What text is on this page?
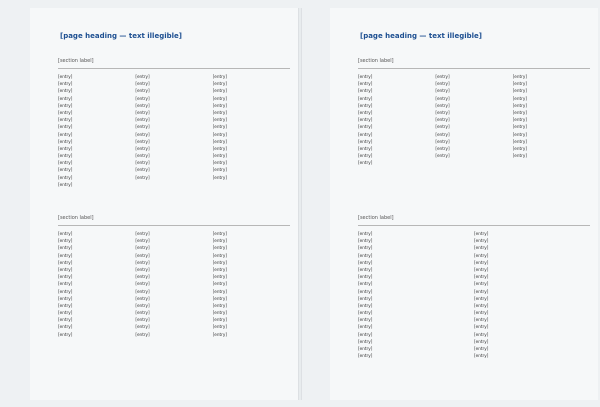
[page heading — text illegible]
[section label]
[entry]
[entry]
[entry]
[entry]
[entry]
[entry]
[entry]
[entry]
[entry]
[entry]
[entry]
[entry]
[entry]
[entry]
[entry]
[entry]
[entry]
[entry]
[entry]
[entry]
[entry]
[entry]
[entry]
[entry]
[entry]
[entry]
[entry]
[entry]
[entry]
[entry]
[entry]
[entry]
[entry]
[entry]
[entry]
[entry]
[entry]
[entry]
[entry]
[entry]
[entry]
[entry]
[entry]
[entry]
[entry]
[entry]
[section label]
[entry]
[entry]
[entry]
[entry]
[entry]
[entry]
[entry]
[entry]
[entry]
[entry]
[entry]
[entry]
[entry]
[entry]
[entry]
[entry]
[entry]
[entry]
[entry]
[entry]
[entry]
[entry]
[entry]
[entry]
[entry]
[entry]
[entry]
[entry]
[entry]
[entry]
[entry]
[entry]
[entry]
[entry]
[entry]
[entry]
[entry]
[entry]
[entry]
[entry]
[entry]
[entry]
[entry]
[entry]
[entry]
[page heading — text illegible]
[section label]
[entry]
[entry]
[entry]
[entry]
[entry]
[entry]
[entry]
[entry]
[entry]
[entry]
[entry]
[entry]
[entry]
[entry]
[entry]
[entry]
[entry]
[entry]
[entry]
[entry]
[entry]
[entry]
[entry]
[entry]
[entry]
[entry]
[entry]
[entry]
[entry]
[entry]
[entry]
[entry]
[entry]
[entry]
[entry]
[entry]
[entry]
[section label]
[entry]
[entry]
[entry]
[entry]
[entry]
[entry]
[entry]
[entry]
[entry]
[entry]
[entry]
[entry]
[entry]
[entry]
[entry]
[entry]
[entry]
[entry]
[entry]
[entry]
[entry]
[entry]
[entry]
[entry]
[entry]
[entry]
[entry]
[entry]
[entry]
[entry]
[entry]
[entry]
[entry]
[entry]
[entry]
[entry]
